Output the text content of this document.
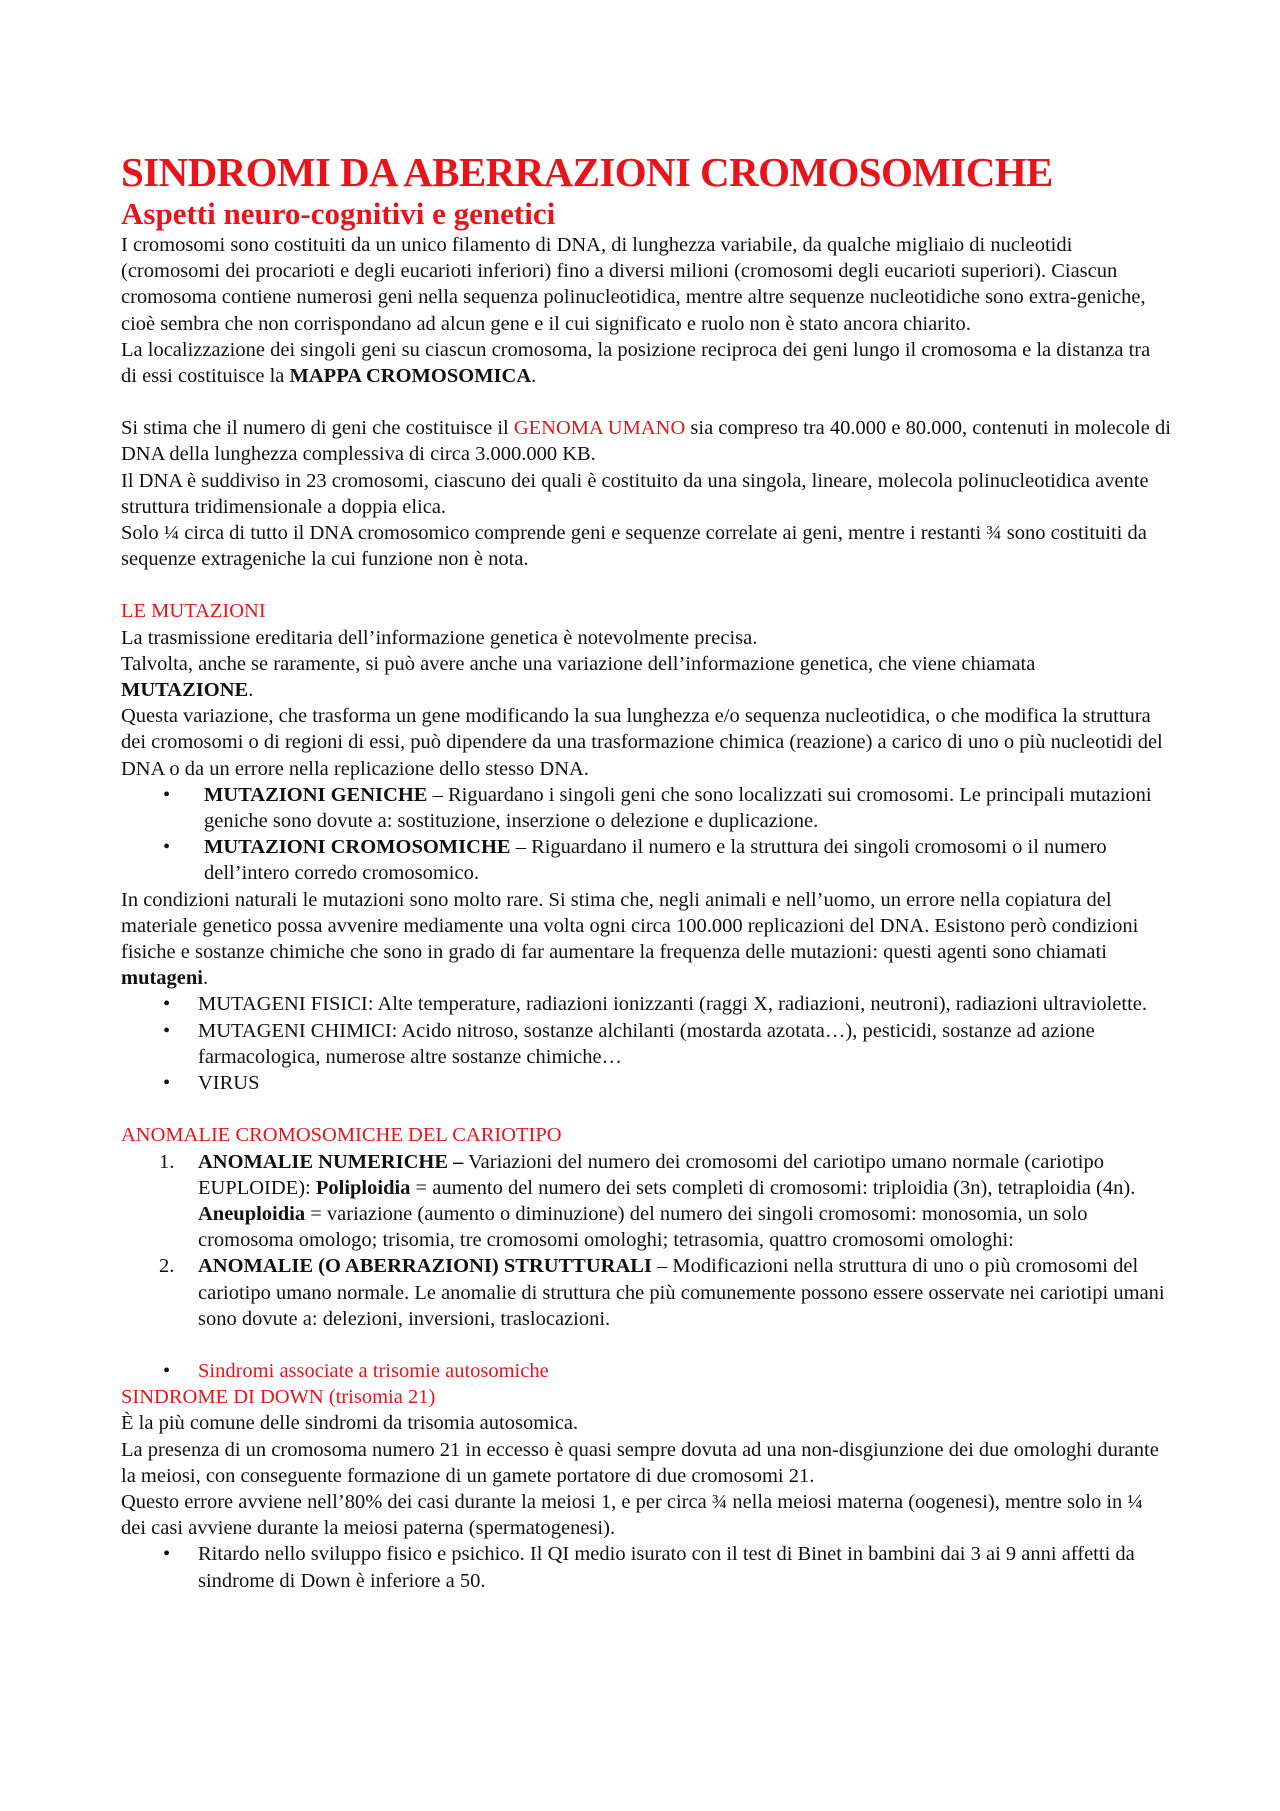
SINDROMI DA ABERRAZIONI CROMOSOMICHE
Aspetti neuro-cognitivi e genetici

I cromosomi sono costituiti da un unico filamento di DNA, di lunghezza variabile, da qualche migliaio di nucleotidi (cromosomi dei procarioti e degli eucarioti inferiori) fino a diversi milioni (cromosomi degli eucarioti superiori). Ciascun cromosoma contiene numerosi geni nella sequenza polinucleotidica, mentre altre sequenze nucleotidiche sono extra-geniche, cioè sembra che non corrispondano ad alcun gene e il cui significato e ruolo non è stato ancora chiarito.

La localizzazione dei singoli geni su ciascun cromosoma, la posizione reciproca dei geni lungo il cromosoma e la distanza tra di essi costituisce la MAPPA CROMOSOMICA.

Si stima che il numero di geni che costituisce il GENOMA UMANO sia compreso tra 40.000 e 80.000, contenuti in molecole di DNA della lunghezza complessiva di circa 3.000.000 KB.

Il DNA è suddiviso in 23 cromosomi, ciascuno dei quali è costituito da una singola, lineare, molecola polinucleotidica avente struttura tridimensionale a doppia elica.

Solo ¼ circa di tutto il DNA cromosomico comprende geni e sequenze correlate ai geni, mentre i restanti ¾ sono costituiti da sequenze extrageniche la cui funzione non è nota.

LE MUTAZIONI

La trasmissione ereditaria dell’informazione genetica è notevolmente precisa.

Talvolta, anche se raramente, si può avere anche una variazione dell’informazione genetica, che viene chiamata MUTAZIONE.

Questa variazione, che trasforma un gene modificando la sua lunghezza e/o sequenza nucleotidica, o che modifica la struttura dei cromosomi o di regioni di essi, può dipendere da una trasformazione chimica (reazione) a carico di uno o più nucleotidi del DNA o da un errore nella replicazione dello stesso DNA.

• MUTAZIONI GENICHE – Riguardano i singoli geni che sono localizzati sui cromosomi. Le principali mutazioni geniche sono dovute a: sostituzione, inserzione o delezione e duplicazione.
• MUTAZIONI CROMOSOMICHE – Riguardano il numero e la struttura dei singoli cromosomi o il numero dell’intero corredo cromosomico.

In condizioni naturali le mutazioni sono molto rare. Si stima che, negli animali e nell’uomo, un errore nella copiatura del materiale genetico possa avvenire mediamente una volta ogni circa 100.000 replicazioni del DNA. Esistono però condizioni fisiche e sostanze chimiche che sono in grado di far aumentare la frequenza delle mutazioni: questi agenti sono chiamati mutageni.

• MUTAGENI FISICI: Alte temperature, radiazioni ionizzanti (raggi X, radiazioni, neutroni), radiazioni ultraviolette.
• MUTAGENI CHIMICI: Acido nitroso, sostanze alchilanti (mostarda azotata…), pesticidi, sostanze ad azione farmacologica, numerose altre sostanze chimiche…
• VIRUS

ANOMALIE CROMOSOMICHE DEL CARIOTIPO

1. ANOMALIE NUMERICHE – Variazioni del numero dei cromosomi del cariotipo umano normale (cariotipo EUPLOIDE): Poliploidia = aumento del numero dei sets completi di cromosomi: triploidia (3n), tetraploidia (4n). Aneuploidia = variazione (aumento o diminuzione) del numero dei singoli cromosomi: monosomia, un solo cromosoma omologo; trisomia, tre cromosomi omologhi; tetrasomia, quattro cromosomi omologhi:
2. ANOMALIE (O ABERRAZIONI) STRUTTURALI – Modificazioni nella struttura di uno o più cromosomi del cariotipo umano normale. Le anomalie di struttura che più comunemente possono essere osservate nei cariotipi umani sono dovute a: delezioni, inversioni, traslocazioni.

• Sindromi associate a trisomie autosomiche

SINDROME DI DOWN (trisomia 21)

È la più comune delle sindromi da trisomia autosomica.

La presenza di un cromosoma numero 21 in eccesso è quasi sempre dovuta ad una non-disgiunzione dei due omologhi durante la meiosi, con conseguente formazione di un gamete portatore di due cromosomi 21.

Questo errore avviene nell’80% dei casi durante la meiosi 1, e per circa ¾ nella meiosi materna (oogenesi), mentre solo in ¼ dei casi avviene durante la meiosi paterna (spermatogenesi).

• Ritardo nello sviluppo fisico e psichico. Il QI medio isurato con il test di Binet in bambini dai 3 ai 9 anni affetti da sindrome di Down è inferiore a 50.
